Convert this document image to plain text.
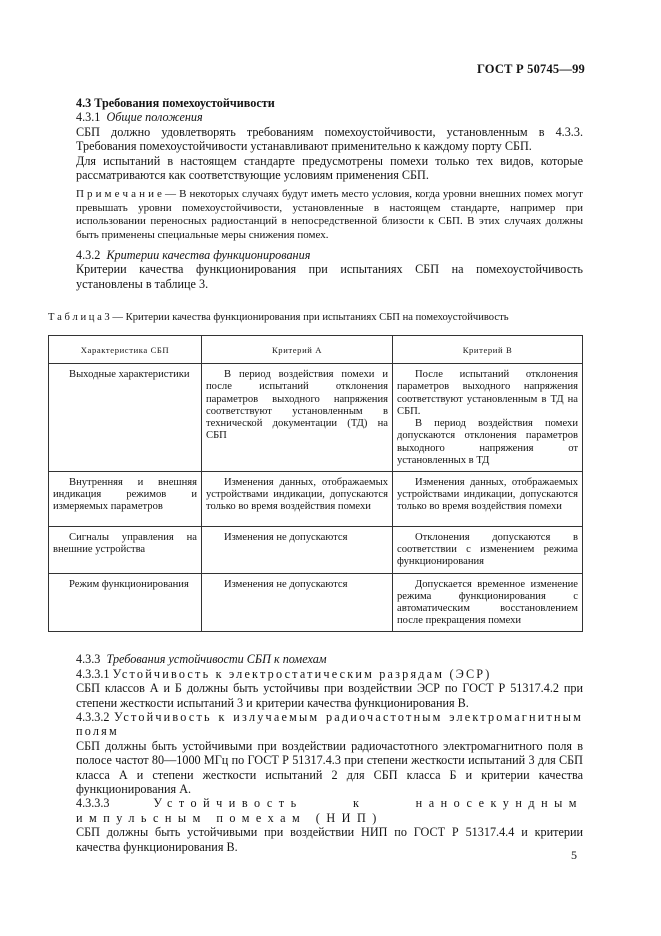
ГОСТ Р 50745—99

4.3 Требования помехоустойчивости

4.3.1 Общие положения

СБП должно удовлетворять требованиям помехоустойчивости, установленным в 4.3.3. Требования помехоустойчивости устанавливают применительно к каждому порту СБП.

Для испытаний в настоящем стандарте предусмотрены помехи только тех видов, которые рассматриваются как соответствующие условиям применения СБП.

П р и м е ч а н и е — В некоторых случаях будут иметь место условия, когда уровни внешних помех могут превышать уровни помехоустойчивости, установленные в настоящем стандарте, например при использовании переносных радиостанций в непосредственной близости к СБП. В этих случаях должны быть применены специальные меры снижения помех.

4.3.2 Критерии качества функционирования

Критерии качества функционирования при испытаниях СБП на помехоустойчивость установлены в таблице 3.

Т а б л и ц а 3 — Критерии качества функционирования при испытаниях СБП на помехоустойчивость

Характеристика СБП	Критерий А	Критерий В

Выходные характеристики	В период воздействия помехи и после испытаний отклонения параметров выходного напряжения соответствуют установленным в технической документации (ТД) на СБП	После испытаний отклонения параметров выходного напряжения соответствуют установленным в ТД на СБП.
В период воздействия помехи допускаются отклонения параметров выходного напряжения от установленных в ТД

Внутренняя и внешняя индикация режимов и измеряемых параметров	Изменения данных, отображаемых устройствами индикации, допускаются только во время воздействия помехи	Изменения данных, отображаемых устройствами индикации, допускаются только во время воздействия помехи

Сигналы управления на внешние устройства	Изменения не допускаются	Отклонения допускаются в соответствии с изменением режима функционирования

Режим функционирования	Изменения не допускаются	Допускается временное изменение режима функционирования с автоматическим восстановлением после прекращения помехи

4.3.3 Требования устойчивости СБП к помехам

4.3.3.1 Устойчивость к электростатическим разрядам (ЭСР)

СБП классов А и Б должны быть устойчивы при воздействии ЭСР по ГОСТ Р 51317.4.2 при степени жесткости испытаний 3 и критерии качества функционирования В.

4.3.3.2 Устойчивость к излучаемым радиочастотным электромагнитным полям

СБП должны быть устойчивыми при воздействии радиочастотного электромагнитного поля в полосе частот 80—1000 МГц по ГОСТ Р 51317.4.3 при степени жесткости испытаний 3 для СБП класса А и степени жесткости испытаний 2 для СБП класса Б и критерии качества функционирования А.

4.3.3.3	Устойчивость к наносекундным импульсным помехам (НИП)

СБП должны быть устойчивыми при воздействии НИП по ГОСТ Р 51317.4.4 и критерии качества функционирования В.

5
